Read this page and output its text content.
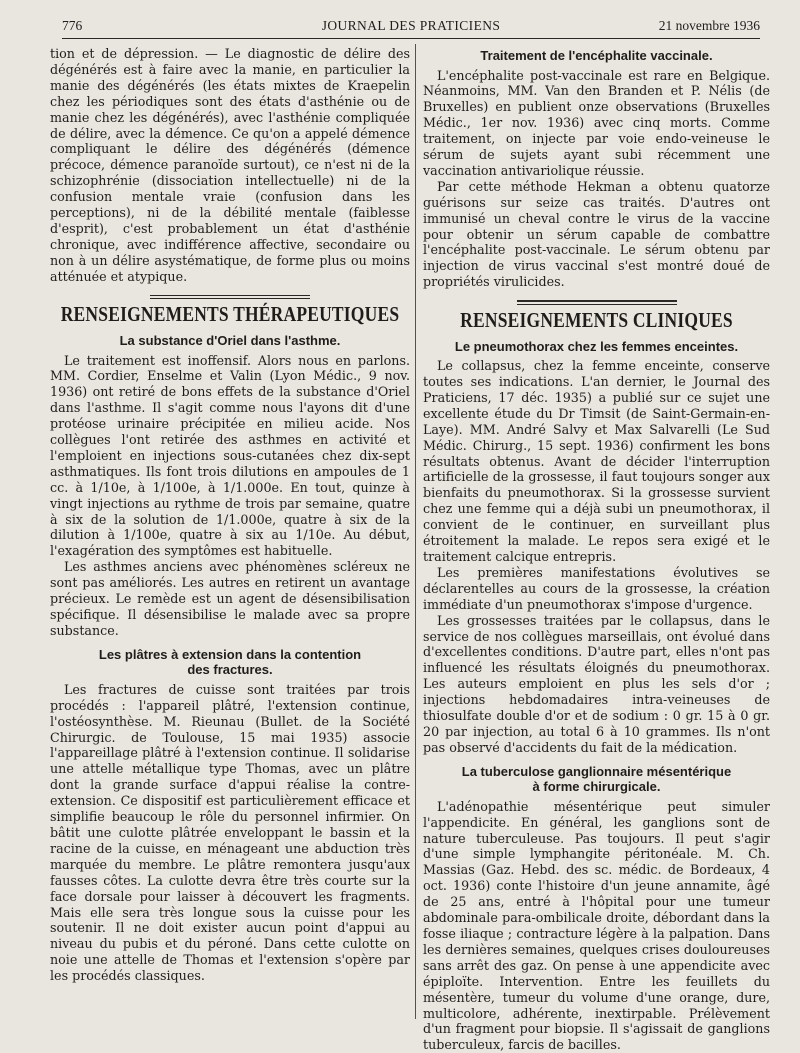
776	JOURNAL DES PRATICIENS	21 novembre 1936

tion et de dépression. — Le diagnostic de délire des dégénérés est à faire avec la manie, en particulier la manie des dégénérés (les états mixtes de Kraepelin chez les périodiques sont des états d'asthénie ou de manie chez les dégénérés), avec l'asthénie compliquée de délire, avec la démence. Ce qu'on a appelé démence compliquant le délire des dégénérés (démence précoce, démence paranoïde surtout), ce n'est ni de la schizophrénie (dissociation intellectuelle) ni de la confusion mentale vraie (confusion dans les perceptions), ni de la débilité mentale (faiblesse d'esprit), c'est probablement un état d'asthénie chronique, avec indifférence affective, secondaire ou non à un délire asystématique, de forme plus ou moins atténuée et atypique.

RENSEIGNEMENTS THÉRAPEUTIQUES
La substance d'Oriel dans l'asthme.

Le traitement est inoffensif. Alors nous en parlons. MM. Cordier, Enselme et Valin (Lyon Médic., 9 nov. 1936) ont retiré de bons effets de la substance d'Oriel dans l'asthme. Il s'agit comme nous l'ayons dit d'une protéose urinaire précipitée en milieu acide. Nos collègues l'ont retirée des asthmes en activité et l'emploient en injections sous-cutanées chez dix-sept asthmatiques. Ils font trois dilutions en ampoules de 1 cc. à 1/10e, à 1/100e, à 1/1.000e. En tout, quinze à vingt injections au rythme de trois par semaine, quatre à six de la solution de 1/1.000e, quatre à six de la dilution à 1/100e, quatre à six au 1/10e. Au début, l'exagération des symptômes est habituelle.

Les asthmes anciens avec phénomènes scléreux ne sont pas améliorés. Les autres en retirent un avantage précieux. Le remède est un agent de désensibilisation spécifique. Il désensibilise le malade avec sa propre substance.

Les plâtres à extension dans la contention
des fractures.

Les fractures de cuisse sont traitées par trois procédés : l'appareil plâtré, l'extension continue, l'ostéosynthèse. M. Rieunau (Bullet. de la Société Chirurgic. de Toulouse, 15 mai 1935) associe l'appareillage plâtré à l'extension continue. Il solidarise une attelle métallique type Thomas, avec un plâtre dont la grande surface d'appui réalise la contre-extension. Ce dispositif est particulièrement efficace et simplifie beaucoup le rôle du personnel infirmier. On bâtit une culotte plâtrée enveloppant le bassin et la racine de la cuisse, en ménageant une abduction très marquée du membre. Le plâtre remontera jusqu'aux fausses côtes. La culotte devra être très courte sur la face dorsale pour laisser à découvert les fragments. Mais elle sera très longue sous la cuisse pour les soutenir. Il ne doit exister aucun point d'appui au niveau du pubis et du péroné. Dans cette culotte on noie une attelle de Thomas et l'extension s'opère par les procédés classiques.

Traitement de l'encéphalite vaccinale.

L'encéphalite post-vaccinale est rare en Belgique. Néanmoins, MM. Van den Branden et P. Nélis (de Bruxelles) en publient onze observations (Bruxelles Médic., 1er nov. 1936) avec cinq morts. Comme traitement, on injecte par voie endo-veineuse le sérum de sujets ayant subi récemment une vaccination antivariolique réussie.

Par cette méthode Hekman a obtenu quatorze guérisons sur seize cas traités. D'autres ont immunisé un cheval contre le virus de la vaccine pour obtenir un sérum capable de combattre l'encéphalite post-vaccinale. Le sérum obtenu par injection de virus vaccinal s'est montré doué de propriétés virulicides.

RENSEIGNEMENTS CLINIQUES
Le pneumothorax chez les femmes enceintes.

Le collapsus, chez la femme enceinte, conserve toutes ses indications. L'an dernier, le Journal des Praticiens, 17 déc. 1935) a publié sur ce sujet une excellente étude du Dr Timsit (de Saint-Germain-en-Laye). MM. André Salvy et Max Salvarelli (Le Sud Médic. Chirurg., 15 sept. 1936) confirment les bons résultats obtenus. Avant de décider l'interruption artificielle de la grossesse, il faut toujours songer aux bienfaits du pneumothorax. Si la grossesse survient chez une femme qui a déjà subi un pneumothorax, il convient de le continuer, en surveillant plus étroitement la malade. Le repos sera exigé et le traitement calcique entrepris.

Les premières manifestations évolutives se déclarentelles au cours de la grossesse, la création immédiate d'un pneumothorax s'impose d'urgence.

Les grossesses traitées par le collapsus, dans le service de nos collègues marseillais, ont évolué dans d'excellentes conditions. D'autre part, elles n'ont pas influencé les résultats éloignés du pneumothorax. Les auteurs emploient en plus les sels d'or ; injections hebdomadaires intra-veineuses de thiosulfate double d'or et de sodium : 0 gr. 15 à 0 gr. 20 par injection, au total 6 à 10 grammes. Ils n'ont pas observé d'accidents du fait de la médication.

La tuberculose ganglionnaire mésentérique
à forme chirurgicale.

L'adénopathie mésentérique peut simuler l'appendicite. En général, les ganglions sont de nature tuberculeuse. Pas toujours. Il peut s'agir d'une simple lymphangite péritonéale. M. Ch. Massias (Gaz. Hebd. des sc. médic. de Bordeaux, 4 oct. 1936) conte l'histoire d'un jeune annamite, âgé de 25 ans, entré à l'hôpital pour une tumeur abdominale para-ombilicale droite, débordant dans la fosse iliaque ; contracture légère à la palpation. Dans les dernières semaines, quelques crises douloureuses sans arrêt des gaz. On pense à une appendicite avec épiploïte. Intervention. Entre les feuillets du mésentère, tumeur du volume d'une orange, dure, multicolore, adhérente, inextirpable. Prélèvement d'un fragment pour biopsie. Il s'agissait de ganglions tuberculeux, farcis de bacilles.
